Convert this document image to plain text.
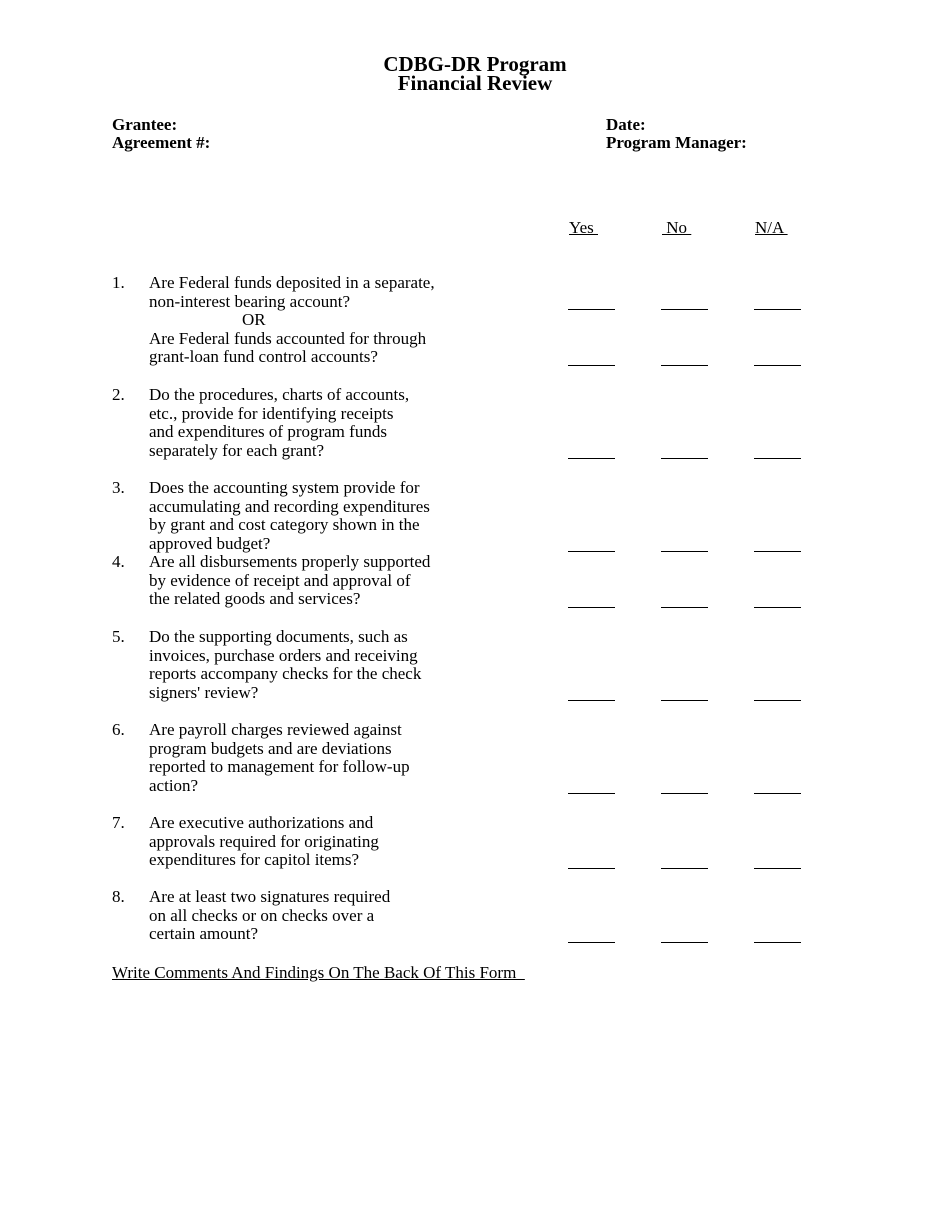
CDBG-DR Program
Financial Review
Grantee:
Agreement #:
Date:
Program Manager:
Yes	No	N/A
1. Are Federal funds deposited in a separate,
non-interest bearing account?
OR
Are Federal funds accounted for through
grant-loan fund control accounts?
2. Do the procedures, charts of accounts,
etc., provide for identifying receipts
and expenditures of program funds
separately for each grant?
3. Does the accounting system provide for
accumulating and recording expenditures
by grant and cost category shown in the
approved budget?
4. Are all disbursements properly supported
by evidence of receipt and approval of
the related goods and services?
5. Do the supporting documents, such as
invoices, purchase orders and receiving
reports accompany checks for the check
signers' review?
6. Are payroll charges reviewed against
program budgets and are deviations
reported to management for follow-up
action?
7. Are executive authorizations and
approvals required for originating
expenditures for capitol items?
8. Are at least two signatures required
on all checks or on checks over a
certain amount?
Write Comments And Findings On The Back Of This Form
